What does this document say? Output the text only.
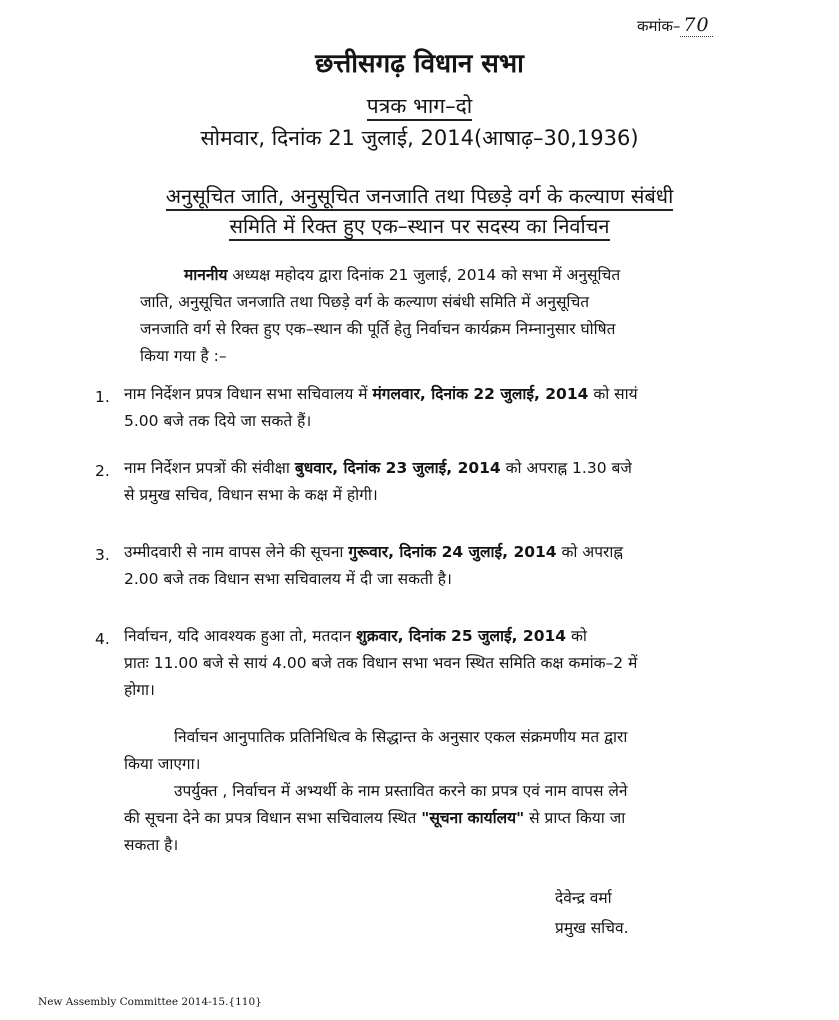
कमांक– 70
छत्तीसगढ़ विधान सभा
पत्रक भाग–दो
सोमवार, दिनांक 21 जुलाई, 2014(आषाढ़–30,1936)
अनुसूचित जाति, अनुसूचित जनजाति तथा पिछड़े वर्ग के कल्याण संबंधी
समिति में रिक्त हुए एक–स्थान पर सदस्य का निर्वाचन

माननीय अध्यक्ष महोदय द्वारा दिनांक 21 जुलाई, 2014 को सभा में अनुसूचित

जाति, अनुसूचित जनजाति तथा पिछड़े वर्ग के कल्याण संबंधी समिति में अनुसूचित

जनजाति वर्ग से रिक्त हुए एक–स्थान की पूर्ति हेतु निर्वाचन कार्यक्रम निम्नानुसार घोषित

किया गया है :–

1. नाम निर्देशन प्रपत्र विधान सभा सचिवालय में मंगलवार, दिनांक 22 जुलाई, 2014 को सायं

5.00 बजे तक दिये जा सकते हैं।

2. नाम निर्देशन प्रपत्रों की संवीक्षा बुधवार, दिनांक 23 जुलाई, 2014 को अपराह्न 1.30 बजे

से प्रमुख सचिव, विधान सभा के कक्ष में होगी।

3. उम्मीदवारी से नाम वापस लेने की सूचना गुरूवार, दिनांक 24 जुलाई, 2014 को अपराह्न

2.00 बजे तक विधान सभा सचिवालय में दी जा सकती है।

4. निर्वाचन, यदि आवश्यक हुआ तो, मतदान शुक्रवार, दिनांक 25 जुलाई, 2014 को

प्रातः 11.00 बजे से सायं 4.00 बजे तक विधान सभा भवन स्थित समिति कक्ष कमांक–2 में

होगा।

निर्वाचन आनुपातिक प्रतिनिधित्व के सिद्धान्त के अनुसार एकल संक्रमणीय मत द्वारा

किया जाएगा।

उपर्युक्त , निर्वाचन में अभ्यर्थी के नाम प्रस्तावित करने का प्रपत्र एवं नाम वापस लेने

की सूचना देने का प्रपत्र विधान सभा सचिवालय स्थित "सूचना कार्यालय" से प्राप्त किया जा

सकता है।

देवेन्द्र वर्मा
प्रमुख सचिव.
New Assembly Committee 2014-15.{110}
